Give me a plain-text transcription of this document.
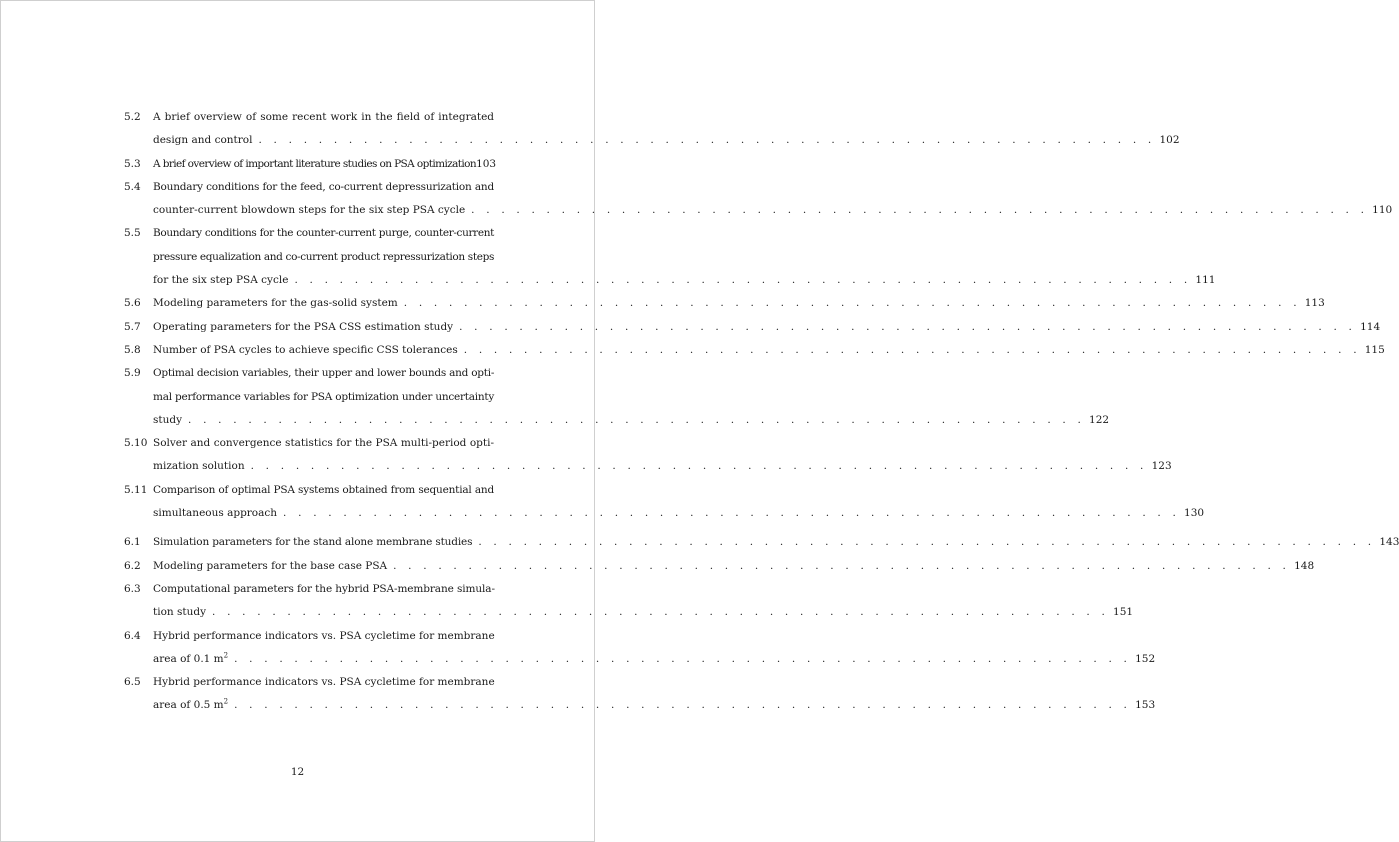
5.2	A brief overview of some recent work in the field of integrated
design and control . . . . . . . . . . . . . . . . . . . . . . . . . . . . . . . . . . . . . . . . . . . . . . . . . . . . . . . . . . . . 102
5.3	A brief overview of important literature studies on PSA optimization 103
5.4	Boundary conditions for the feed, co-current depressurization and
counter-current blowdown steps for the six step PSA cycle . . . . . . . . . . . . . . . . . . . . . . . . . . . . . . . . . . . . . . . . . . . . . . . . . . . . . . . . . . . . 110
5.5	Boundary conditions for the counter-current purge, counter-current
pressure equalization and co-current product repressurization steps
for the six step PSA cycle . . . . . . . . . . . . . . . . . . . . . . . . . . . . . . . . . . . . . . . . . . . . . . . . . . . . . . . . . . . . 111
5.6	Modeling parameters for the gas-solid system . . . . . . . . . . . . . . . . . . . . . . . . . . . . . . . . . . . . . . . . . . . . . . . . . . . . . . . . . . . . 113
5.7	Operating parameters for the PSA CSS estimation study . . . . . . . . . . . . . . . . . . . . . . . . . . . . . . . . . . . . . . . . . . . . . . . . . . . . . . . . . . . . 114
5.8	Number of PSA cycles to achieve specific CSS tolerances . . . . . . . . . . . . . . . . . . . . . . . . . . . . . . . . . . . . . . . . . . . . . . . . . . . . . . . . . . . . 115
5.9	Optimal decision variables, their upper and lower bounds and opti-
mal performance variables for PSA optimization under uncertainty
study . . . . . . . . . . . . . . . . . . . . . . . . . . . . . . . . . . . . . . . . . . . . . . . . . . . . . . . . . . . . 122
5.10 Solver and convergence statistics for the PSA multi-period opti-
mization solution . . . . . . . . . . . . . . . . . . . . . . . . . . . . . . . . . . . . . . . . . . . . . . . . . . . . . . . . . . . . 123
5.11 Comparison of optimal PSA systems obtained from sequential and
simultaneous approach . . . . . . . . . . . . . . . . . . . . . . . . . . . . . . . . . . . . . . . . . . . . . . . . . . . . . . . . . . . . 130
6.1	Simulation parameters for the stand alone membrane studies . . . . . . . . . . . . . . . . . . . . . . . . . . . . . . . . . . . . . . . . . . . . . . . . . . . . . . . . . . . . 143
6.2	Modeling parameters for the base case PSA . . . . . . . . . . . . . . . . . . . . . . . . . . . . . . . . . . . . . . . . . . . . . . . . . . . . . . . . . . . . 148
6.3	Computational parameters for the hybrid PSA-membrane simula-
tion study . . . . . . . . . . . . . . . . . . . . . . . . . . . . . . . . . . . . . . . . . . . . . . . . . . . . . . . . . . . . 151
6.4	Hybrid performance indicators vs. PSA cycletime for membrane
area of 0.1 $m^2$ . . . . . . . . . . . . . . . . . . . . . . . . . . . . . . . . . . . . . . . . . . . . . . . . . . . . . . . . . . . . 152
6.5	Hybrid performance indicators vs. PSA cycletime for membrane
area of 0.5 $m^2$ . . . . . . . . . . . . . . . . . . . . . . . . . . . . . . . . . . . . . . . . . . . . . . . . . . . . . . . . . . . . 153
12
